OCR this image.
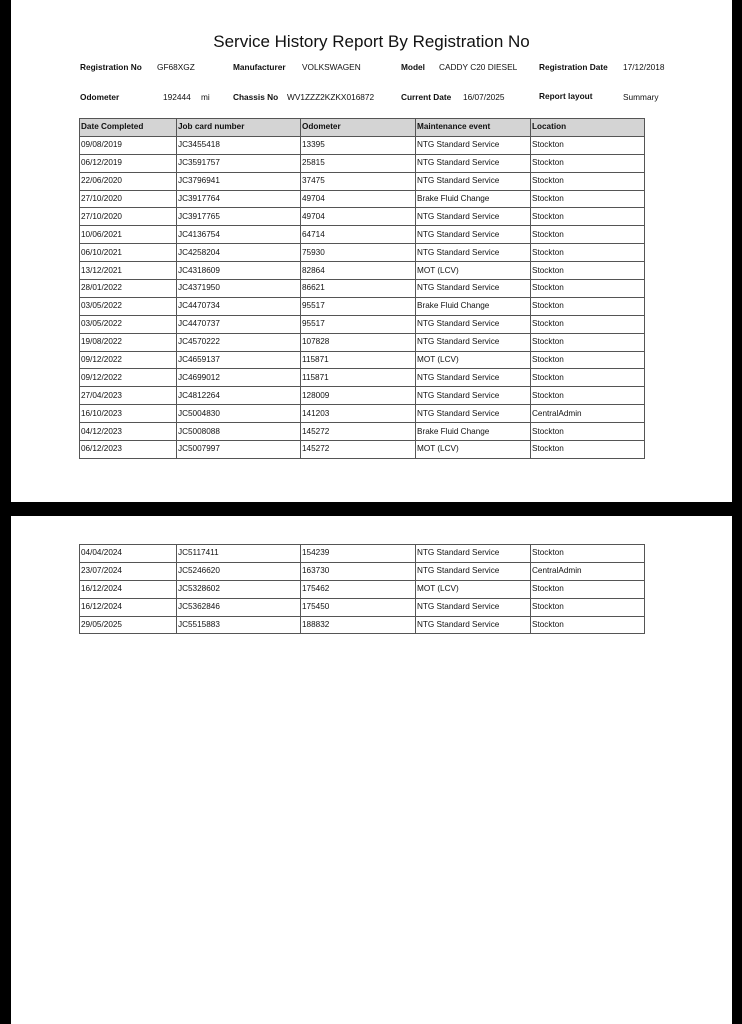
Service History Report By Registration No
Registration No GF68XGZ	Manufacturer VOLKSWAGEN	Model CADDY C20 DIESEL	Registration Date 17/12/2018
Odometer	192444 mi	Chassis No WV1ZZZ2KZKX016872	Current Date 16/07/2025	Report layout	Summary
Date Completed	Job card number	Odometer	Maintenance event	Location
09/08/2019	JC3455418	13395	NTG Standard Service	Stockton
06/12/2019	JC3591757	25815	NTG Standard Service	Stockton
22/06/2020	JC3796941	37475	NTG Standard Service	Stockton
27/10/2020	JC3917764	49704	Brake Fluid Change	Stockton
27/10/2020	JC3917765	49704	NTG Standard Service	Stockton
10/06/2021	JC4136754	64714	NTG Standard Service	Stockton
06/10/2021	JC4258204	75930	NTG Standard Service	Stockton
13/12/2021	JC4318609	82864	MOT (LCV)	Stockton
28/01/2022	JC4371950	86621	NTG Standard Service	Stockton
03/05/2022	JC4470734	95517	Brake Fluid Change	Stockton
03/05/2022	JC4470737	95517	NTG Standard Service	Stockton
19/08/2022	JC4570222	107828	NTG Standard Service	Stockton
09/12/2022	JC4659137	115871	MOT (LCV)	Stockton
09/12/2022	JC4699012	115871	NTG Standard Service	Stockton
27/04/2023	JC4812264	128009	NTG Standard Service	Stockton
16/10/2023	JC5004830	141203	NTG Standard Service	CentralAdmin
04/12/2023	JC5008088	145272	Brake Fluid Change	Stockton
06/12/2023	JC5007997	145272	MOT (LCV)	Stockton
04/04/2024	JC5117411	154239	NTG Standard Service	Stockton
23/07/2024	JC5246620	163730	NTG Standard Service	CentralAdmin
16/12/2024	JC5328602	175462	MOT (LCV)	Stockton
16/12/2024	JC5362846	175450	NTG Standard Service	Stockton
29/05/2025	JC5515883	188832	NTG Standard Service	Stockton
